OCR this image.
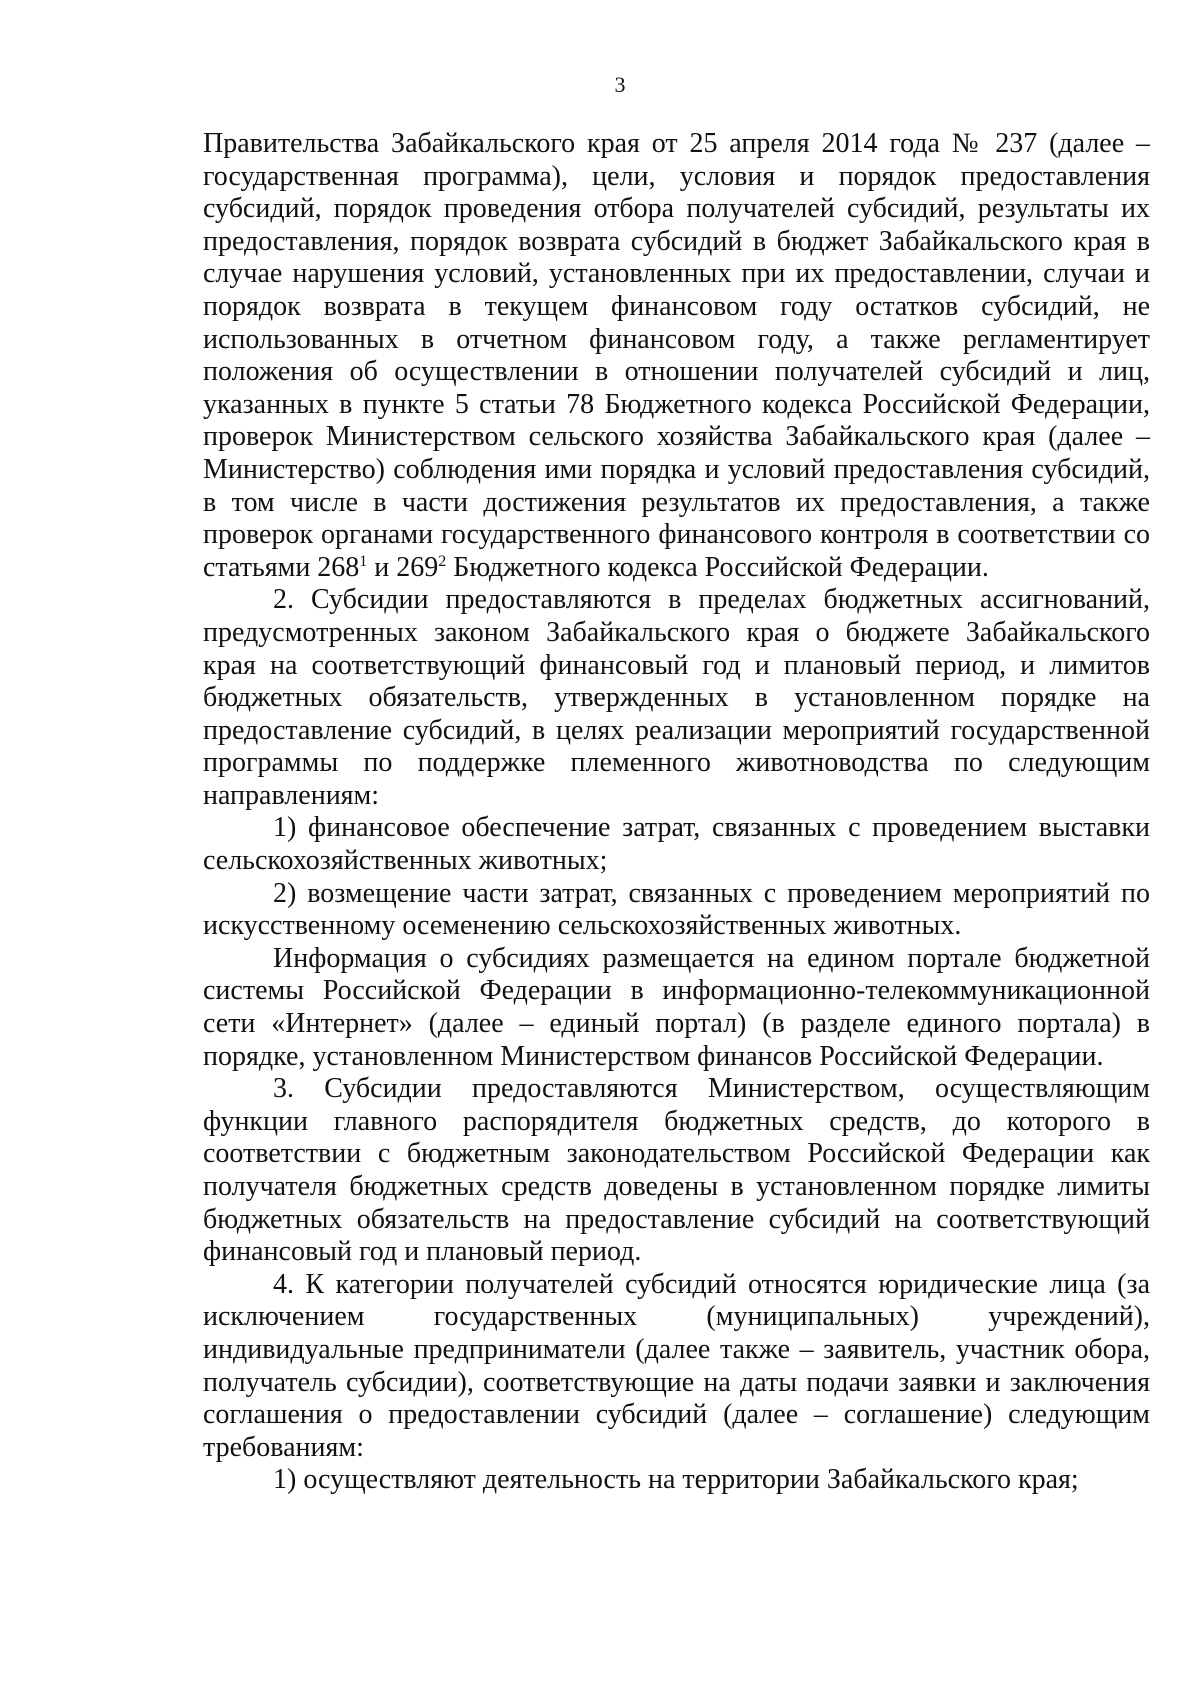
3

Правительства Забайкальского края от 25 апреля 2014 года № 237 (далее – государственная программа), цели, условия и порядок предоставления субсидий, порядок проведения отбора получателей субсидий, результаты их предоставления, порядок возврата субсидий в бюджет Забайкальского края в случае нарушения условий, установленных при их предоставлении, случаи и порядок возврата в текущем финансовом году остатков субсидий, не использованных в отчетном финансовом году, а также регламентирует положения об осуществлении в отношении получателей субсидий и лиц, указанных в пункте 5 статьи 78 Бюджетного кодекса Российской Федерации, проверок Министерством сельского хозяйства Забайкальского края (далее – Министерство) соблюдения ими порядка и условий предоставления субсидий, в том числе в части достижения результатов их предоставления, а также проверок органами государственного финансового контроля в соответствии со статьями $268^1$ и $269^2$ Бюджетного кодекса Российской Федерации.

2. Субсидии предоставляются в пределах бюджетных ассигнований, предусмотренных законом Забайкальского края о бюджете Забайкальского края на соответствующий финансовый год и плановый период, и лимитов бюджетных обязательств, утвержденных в установленном порядке на предоставление субсидий, в целях реализации мероприятий государственной программы по поддержке племенного животноводства по следующим направлениям:

1) финансовое обеспечение затрат, связанных с проведением выставки сельскохозяйственных животных;

2) возмещение части затрат, связанных с проведением мероприятий по искусственному осеменению сельскохозяйственных животных.

Информация о субсидиях размещается на едином портале бюджетной системы Российской Федерации в информационно-телекоммуникационной сети «Интернет» (далее – единый портал) (в разделе единого портала) в порядке, установленном Министерством финансов Российской Федерации.

3. Субсидии предоставляются Министерством, осуществляющим функции главного распорядителя бюджетных средств, до которого в соответствии с бюджетным законодательством Российской Федерации как получателя бюджетных средств доведены в установленном порядке лимиты бюджетных обязательств на предоставление субсидий на соответствующий финансовый год и плановый период.

4. К категории получателей субсидий относятся юридические лица (за исключением государственных (муниципальных) учреждений), индивидуальные предприниматели (далее также – заявитель, участник обора, получатель субсидии), соответствующие на даты подачи заявки и заключения соглашения о предоставлении субсидий (далее – соглашение) следующим требованиям:

1) осуществляют деятельность на территории Забайкальского края;
